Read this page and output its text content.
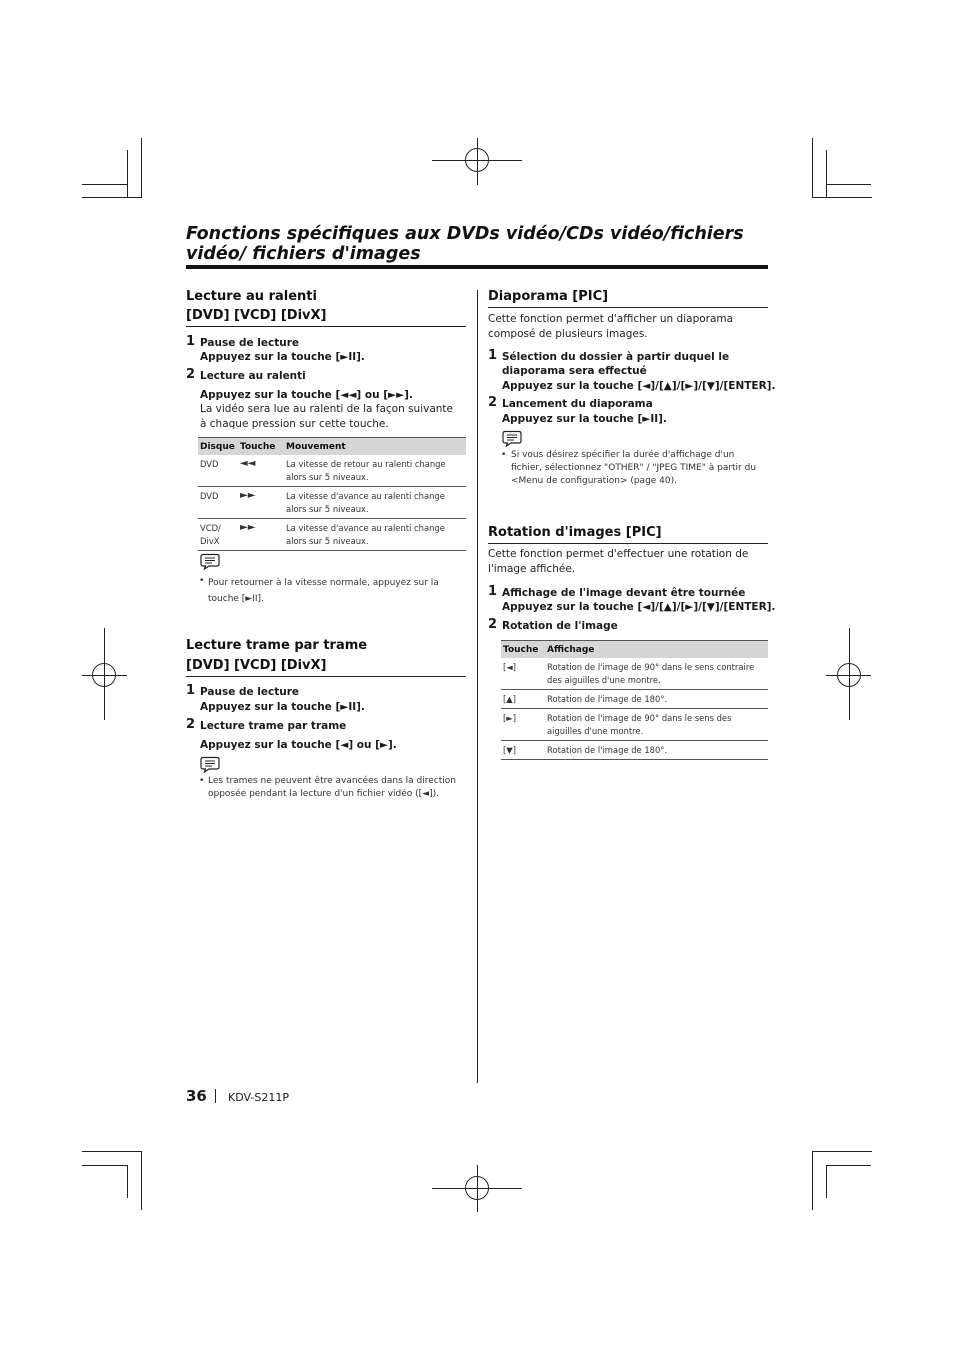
Fonctions spécifiques aux DVDs vidéo/CDs vidéo/fichiers vidéo/ fichiers d'images
Lecture au ralenti
[DVD] [VCD] [DivX]
1 Pause de lecture
Appuyez sur la touche [►II].
2 Lecture au ralenti
Appuyez sur la touche [◄◄] ou [►►].
La vidéo sera lue au ralenti de la façon suivante à chaque pression sur cette touche.
Disque	Touche	Mouvement
DVD	◄◄	La vitesse de retour au ralenti change alors sur 5 niveaux.
DVD	►►	La vitesse d'avance au ralenti change alors sur 5 niveaux.
VCD/ DivX	►►	La vitesse d'avance au ralenti change alors sur 5 niveaux.
• Pour retourner à la vitesse normale, appuyez sur la touche [►II].
Lecture trame par trame
[DVD] [VCD] [DivX]
1 Pause de lecture
Appuyez sur la touche [►II].
2 Lecture trame par trame
Appuyez sur la touche [◄] ou [►].
• Les trames ne peuvent être avancées dans la direction opposée pendant la lecture d'un fichier vidéo ([◄]).
Diaporama [PIC]
Cette fonction permet d'afficher un diaporama composé de plusieurs images.
1 Sélection du dossier à partir duquel le diaporama sera effectué
Appuyez sur la touche [◄]/[▲]/[►]/[▼]/[ENTER].
2 Lancement du diaporama
Appuyez sur la touche [►II].
• Si vous désirez spécifier la durée d'affichage d'un fichier, sélectionnez "OTHER" / "JPEG TIME" à partir du <Menu de configuration> (page 40).
Rotation d'images [PIC]
Cette fonction permet d'effectuer une rotation de l'image affichée.
1 Affichage de l'image devant être tournée
Appuyez sur la touche [◄]/[▲]/[►]/[▼]/[ENTER].
2 Rotation de l'image
Touche	Affichage
[◄]	Rotation de l'image de 90° dans le sens contraire des aiguilles d'une montre.
[▲]	Rotation de l'image de 180°.
[►]	Rotation de l'image de 90° dans le sens des aiguilles d'une montre.
[▼]	Rotation de l'image de 180°.
36 KDV-S211P
